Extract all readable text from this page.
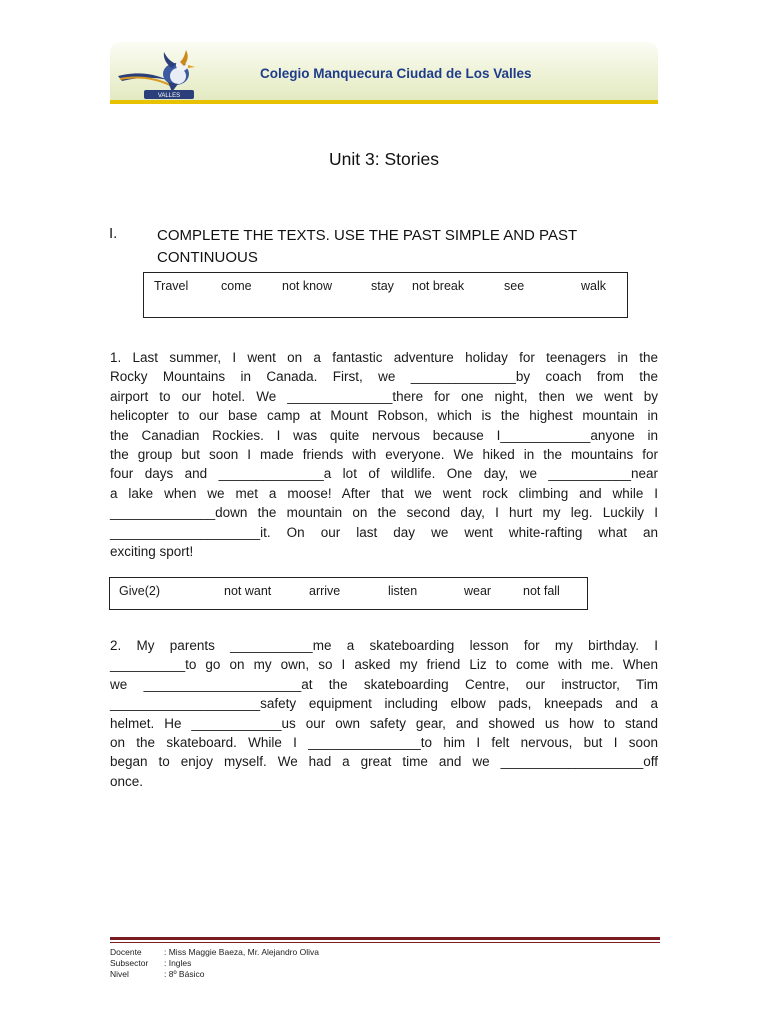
VALLES
Colegio Manquecura Ciudad de Los Valles
Unit 3: Stories
I.	COMPLETE THE TEXTS. USE THE PAST SIMPLE AND PAST CONTINUOUS
Travel	come not know	stay not break	see	walk
1. Last summer, I went on a fantastic adventure holiday for teenagers in the
Rocky Mountains in Canada. First, we ______________by coach from the
airport to our hotel. We ______________there for one night, then we went by
helicopter to our base camp at Mount Robson, which is the highest mountain in
the Canadian Rockies. I was quite nervous because I____________anyone in
the group but soon I made friends with everyone. We hiked in the mountains for
four days and ______________a lot of wildlife. One day, we ___________near
a lake when we met a moose! After that we went rock climbing and while I
______________down the mountain on the second day, I hurt my leg. Luckily I
____________________it. On our last day we went white-rafting what an
exciting sport!
Give(2)	not want	arrive	listen	wear	not fall
2. My parents ___________me a skateboarding lesson for my birthday. I
__________to go on my own, so I asked my friend Liz to come with me. When
we _____________________at the skateboarding Centre, our instructor, Tim
____________________safety equipment including elbow pads, kneepads and a
helmet. He ____________us our own safety gear, and showed us how to stand
on the skateboard. While I _______________to him I felt nervous, but I soon
began to enjoy myself. We had a great time and we ___________________off
once.
Docente	: Miss Maggie Baeza, Mr. Alejandro Oliva
Subsector : Ingles
Nivel	: 8º Básico
